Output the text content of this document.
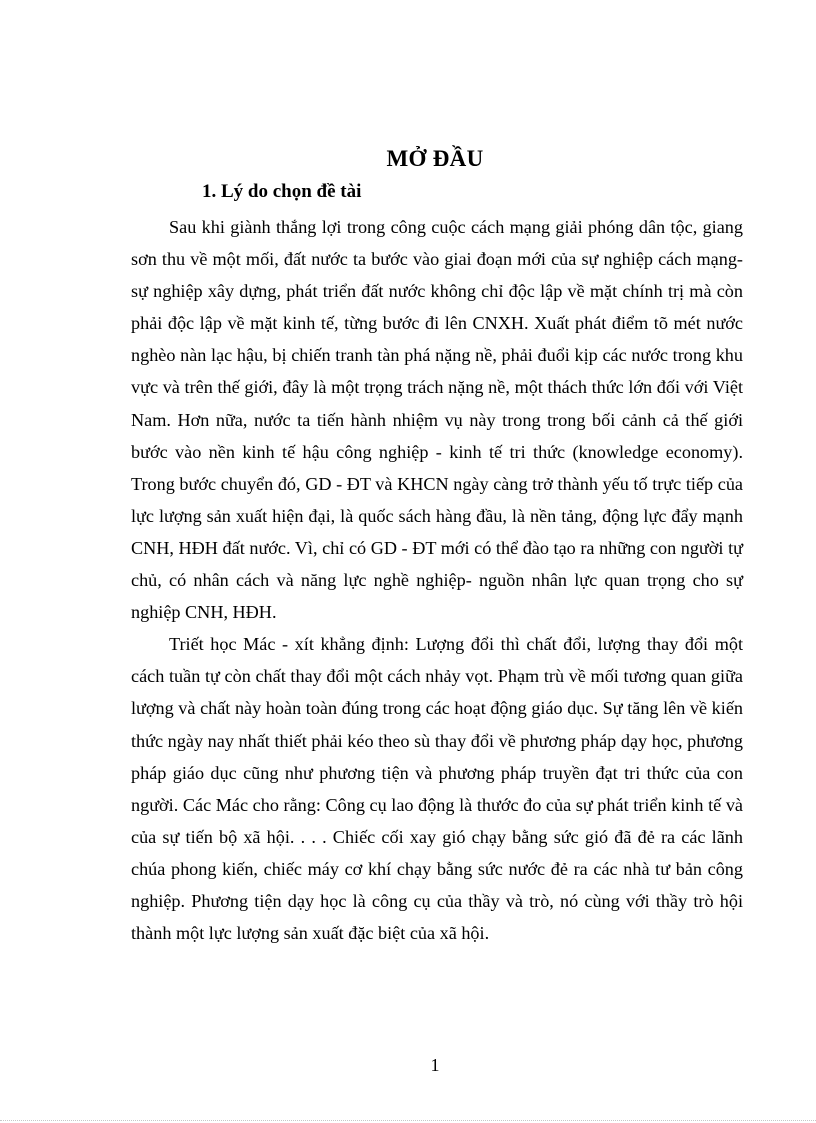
MỞ ĐẦU
1. Lý do chọn đề tài

Sau khi giành thắng lợi trong công cuộc cách mạng giải phóng dân tộc, giang sơn thu về một mối, đất nước ta bước vào giai đoạn mới của sự nghiệp cách mạng- sự nghiệp xây dựng, phát triển đất nước không chỉ độc lập về mặt chính trị mà còn phải độc lập về mặt kinh tế, từng bước đi lên CNXH. Xuất phát điểm tõ mét nước nghèo nàn lạc hậu, bị chiến tranh tàn phá nặng nề, phải đuổi kịp các nước trong khu vực và trên thế giới, đây là một trọng trách nặng nề, một thách thức lớn đối với Việt Nam. Hơn nữa, nước ta tiến hành nhiệm vụ này trong trong bối cảnh cả thế giới bước vào nền kinh tế hậu công nghiệp - kinh tế tri thức (knowledge economy). Trong bước chuyển đó, GD - ĐT và KHCN ngày càng trở thành yếu tố trực tiếp của lực lượng sản xuất hiện đại, là quốc sách hàng đầu, là nền tảng, động lực đẩy mạnh CNH, HĐH đất nước. Vì, chỉ có GD - ĐT mới có thể đào tạo ra những con người tự chủ, có nhân cách và năng lực nghề nghiệp- nguồn nhân lực quan trọng cho sự nghiệp CNH, HĐH.

Triết học Mác - xít khẳng định: Lượng đổi thì chất đổi, lượng thay đổi một cách tuần tự còn chất thay đổi một cách nhảy vọt. Phạm trù về mối tương quan giữa lượng và chất này hoàn toàn đúng trong các hoạt động giáo dục. Sự tăng lên về kiến thức ngày nay nhất thiết phải kéo theo sù thay đổi về phương pháp dạy học, phương pháp giáo dục cũng như phương tiện và phương pháp truyền đạt tri thức của con người. Các Mác cho rằng: Công cụ lao động là thước đo của sự phát triển kinh tế và của sự tiến bộ xã hội. . . . Chiếc cối xay gió chạy bằng sức gió đã đẻ ra các lãnh chúa phong kiến, chiếc máy cơ khí chạy bằng sức nước đẻ ra các nhà tư bản công nghiệp. Phương tiện dạy học là công cụ của thầy và trò, nó cùng với thầy trò hội thành một lực lượng sản xuất đặc biệt của xã hội.

1
